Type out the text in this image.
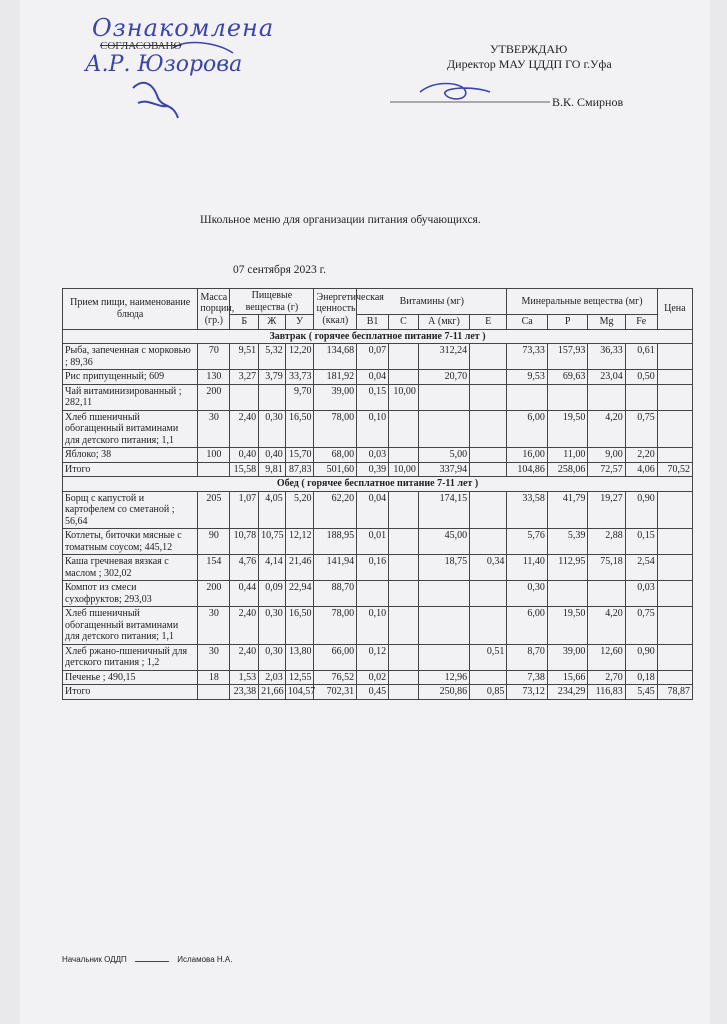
Ознакомлена
СОГЛАСОВАНО
А.Р. Юзорова
УТВЕРЖДАЮ
Директор МАУ ЦДДП ГО г.Уфа
В.К. Смирнов
Школьное меню для организации питания обучающихся.
07 сентября 2023 г.
Прием пищи, наименование блюда	Масса порции, (гр.)	Пищевые вещества (г)			Энергетическая ценность (ккал)	Витамины (мг)				Минеральные вещества (мг)				Цена
		Б	Ж	У		B1	C	А (мкг)	E	Ca	P	Mg	Fe	
Завтрак ( горячее бесплатное питание 7-11 лет )														
Рыба, запеченная с морковью ; 89,36	70	9,51	5,32	12,20	134,68	0,07		312,24		73,33	157,93	36,33	0,61	
Рис припущенный; 609	130	3,27	3,79	33,73	181,92	0,04		20,70		9,53	69,63	23,04	0,50	
Чай витаминизированный ; 282,11	200			9,70	39,00	0,15	10,00							
Хлеб пшеничный обогащенный витаминами для детского питания; 1,1	30	2,40	0,30	16,50	78,00	0,10				6,00	19,50	4,20	0,75	
Яблоко; 38	100	0,40	0,40	15,70	68,00	0,03		5,00		16,00	11,00	9,00	2,20	
Итого		15,58	9,81	87,83	501,60	0,39	10,00	337,94		104,86	258,06	72,57	4,06	70,52
Обед ( горячее бесплатное питание 7-11 лет )														
Борщ с капустой и картофелем со сметаной ; 56,64	205	1,07	4,05	5,20	62,20	0,04		174,15		33,58	41,79	19,27	0,90	
Котлеты, биточки мясные с томатным соусом; 445,12	90	10,78	10,75	12,12	188,95	0,01		45,00		5,76	5,39	2,88	0,15	
Каша гречневая вязкая с маслом ; 302,02	154	4,76	4,14	21,46	141,94	0,16		18,75	0,34	11,40	112,95	75,18	2,54	
Компот из смеси сухофруктов; 293,03	200	0,44	0,09	22,94	88,70					0,30			0,03	
Хлеб пшеничный обогащенный витаминами для детского питания; 1,1	30	2,40	0,30	16,50	78,00	0,10				6,00	19,50	4,20	0,75	
Хлеб ржано-пшеничный для детского питания ; 1,2	30	2,40	0,30	13,80	66,00	0,12			0,51	8,70	39,00	12,60	0,90	
Печенье ; 490,15	18	1,53	2,03	12,55	76,52	0,02		12,96		7,38	15,66	2,70	0,18	
Итого		23,38	21,66	104,57	702,31	0,45		250,86	0,85	73,12	234,29	116,83	5,45	78,87
Начальник ОДДП	Исламова Н.А.
